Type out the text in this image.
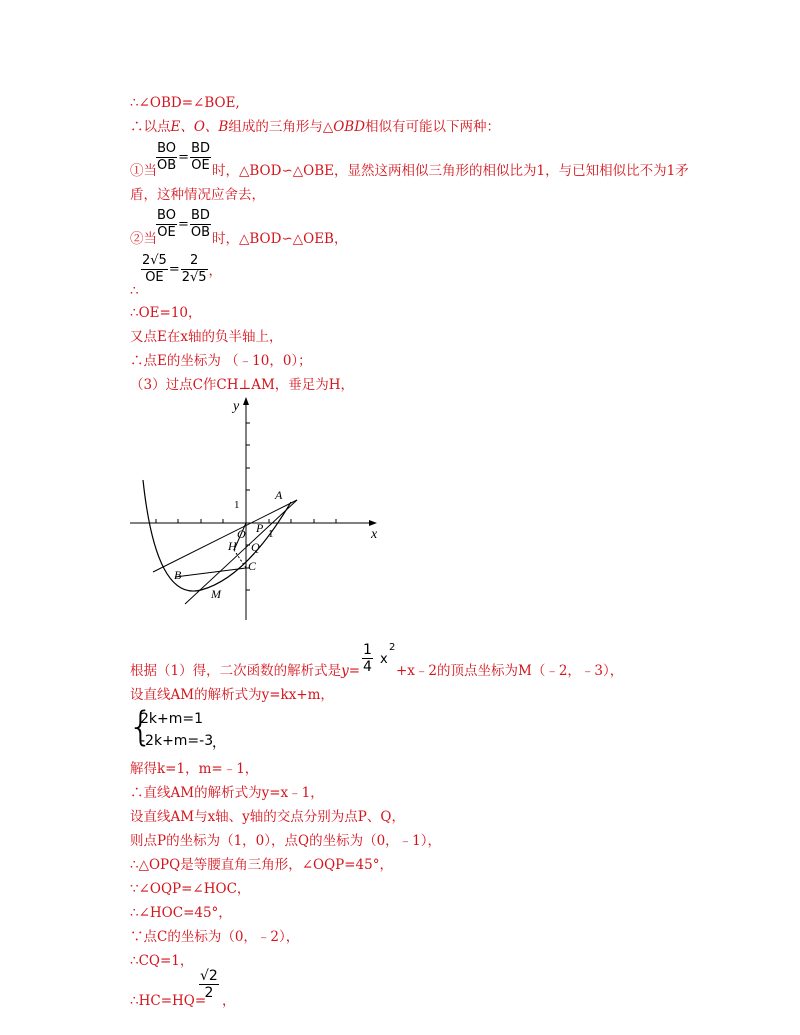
∴∠OBD=∠BOE,
∴以点E、O、B组成的三角形与△OBD相似有可能以下两种：
$\frac{BO}{OB} = \frac{BD}{OE}$
①当	时，△BOD∽△OBE，显然这两相似三角形的相似比为1，与已知相似比不为1矛
盾，这种情况应舍去，
$\frac{BO}{OE} = \frac{BD}{OB}$
②当	时，△BOD∽△OEB，
$\frac{2√5}{OE} = \frac{2}{2√5}$ ，
∴
∴OE=10，
又点E在x轴的负半轴上，
∴点E的坐标为 （﹣10，0）；
（3）过点C作CH⊥AM，垂足为H，
y
x
1
1
A
P
O
H Q
C
B
M
根据（1）得，二次函数的解析式是$y= \frac{1}{4}$ x
2
+x﹣2的顶点坐标为M（﹣2，﹣3），
设直线AM的解析式为y=kx+m，
{
2k+m=1
-2k+m=-3
，
解得k=1，m=﹣1，
∴直线AM的解析式为y=x﹣1，
设直线AM与x轴、y轴的交点分别为点P、Q，
则点P的坐标为（1，0），点Q的坐标为（0，﹣1），
∴△OPQ是等腰直角三角形，∠OQP=45°，
∵∠OQP=∠HOC，
∴∠HOC=45°，
∵点C的坐标为（0，﹣2），
∴CQ=1，
∴HC=HQ=
$\frac{√2}{2}$ ，
